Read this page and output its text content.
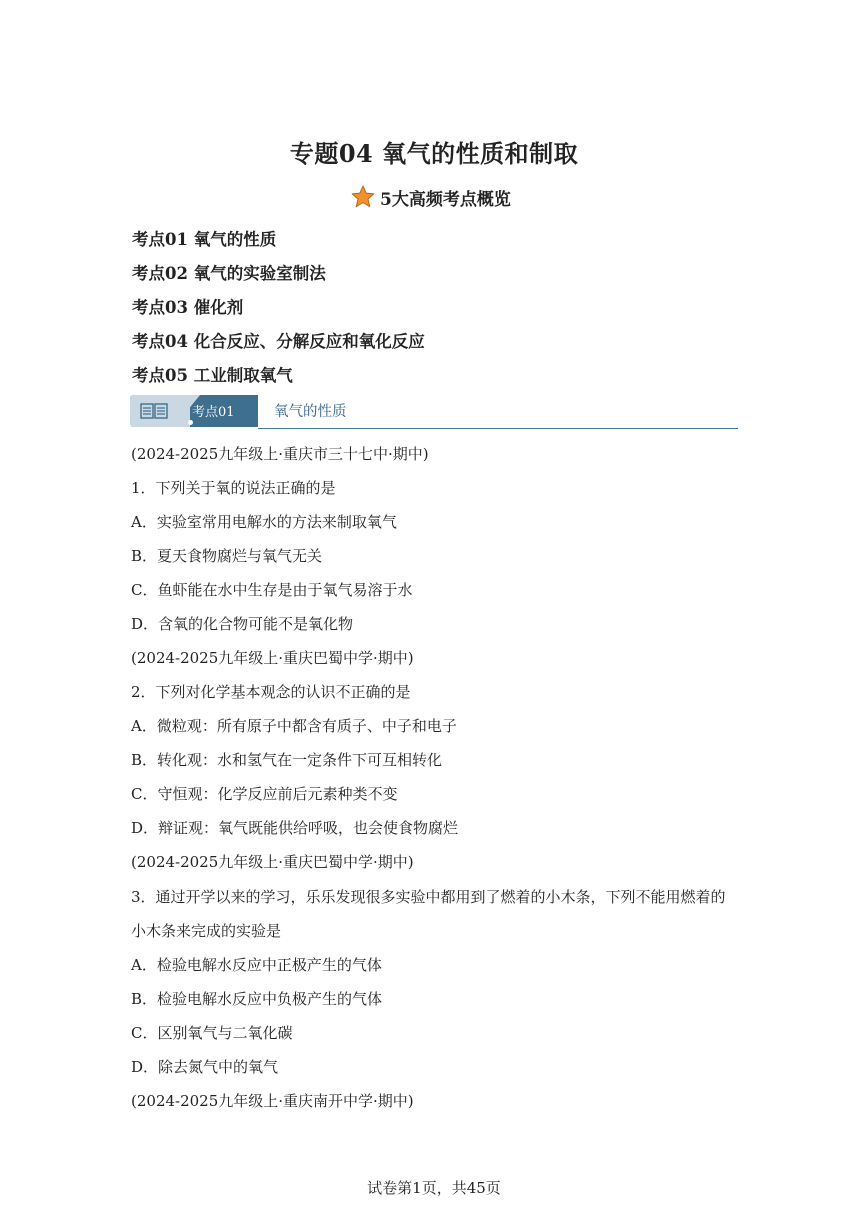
专题04 氧气的性质和制取
5大高频考点概览
考点01 氧气的性质
考点02 氧气的实验室制法
考点03 催化剂
考点04 化合反应、分解反应和氧化反应
考点05 工业制取氧气
考点01	氧气的性质
(2024-2025九年级上·重庆市三十七中·期中)
1．下列关于氧的说法正确的是
A．实验室常用电解水的方法来制取氧气
B．夏天食物腐烂与氧气无关
C．鱼虾能在水中生存是由于氧气易溶于水
D．含氧的化合物可能不是氧化物
(2024-2025九年级上·重庆巴蜀中学·期中)
2．下列对化学基本观念的认识不正确的是
A．微粒观：所有原子中都含有质子、中子和电子
B．转化观：水和氢气在一定条件下可互相转化
C．守恒观：化学反应前后元素种类不变
D．辩证观：氧气既能供给呼吸，也会使食物腐烂
(2024-2025九年级上·重庆巴蜀中学·期中)
3．通过开学以来的学习，乐乐发现很多实验中都用到了燃着的小木条，下列不能用燃着的
小木条来完成的实验是
A．检验电解水反应中正极产生的气体
B．检验电解水反应中负极产生的气体
C．区别氧气与二氧化碳
D．除去氮气中的氧气
(2024-2025九年级上·重庆南开中学·期中)
试卷第1页，共45页
